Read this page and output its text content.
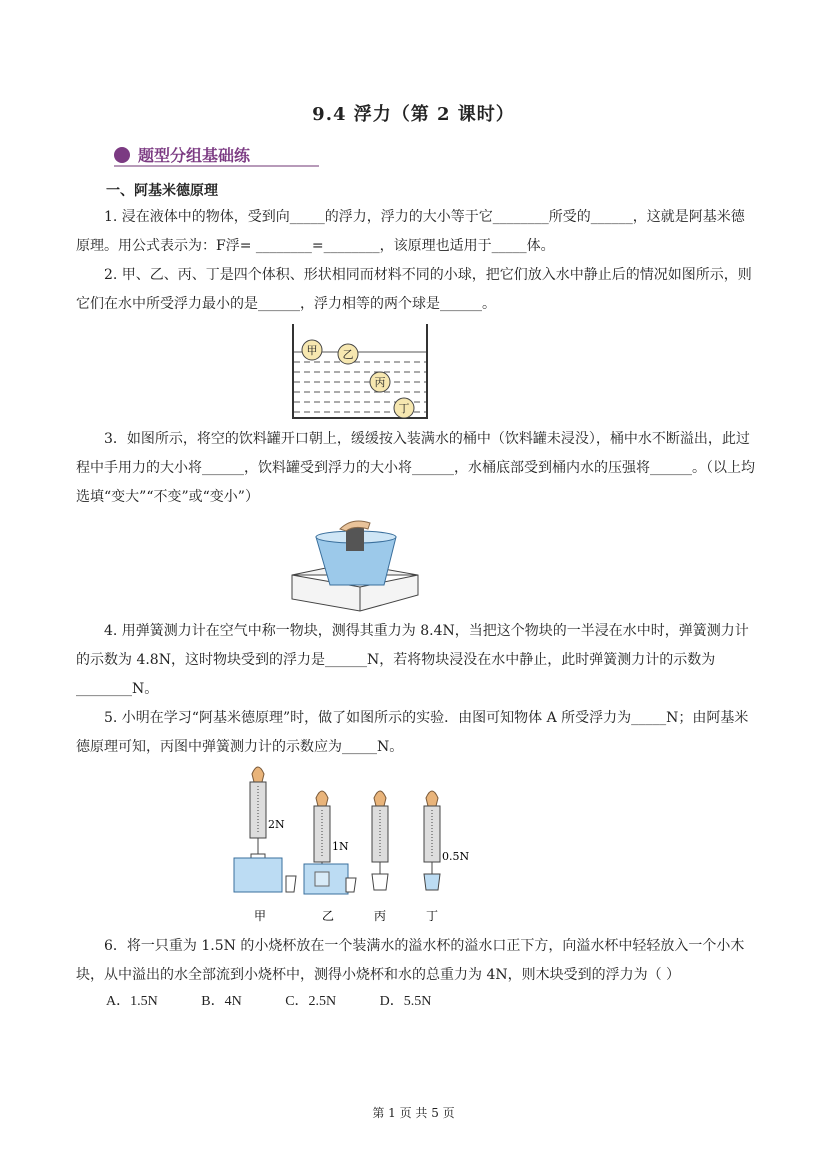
9.4 浮力（第 2 课时）
题型分组基础练
一、阿基米德原理
1. 浸在液体中的物体，受到向_____的浮力，浮力的大小等于它________所受的______，这就是阿基米德原理。用公式表示为：F浮= ________=________，该原理也适用于_____体。
2. 甲、乙、丙、丁是四个体积、形状相同而材料不同的小球，把它们放入水中静止后的情况如图所示，则它们在水中所受浮力最小的是______，浮力相等的两个球是______。
甲 乙
丙
丁
3．如图所示，将空的饮料罐开口朝上，缓缓按入装满水的桶中（饮料罐未浸没），桶中水不断溢出，此过程中手用力的大小将______，饮料罐受到浮力的大小将______，水桶底部受到桶内水的压强将______。（以上均选填“变大”“不变”或“变小”）
4. 用弹簧测力计在空气中称一物块，测得其重力为 8.4N，当把这个物块的一半浸在水中时，弹簧测力计的示数为 4.8N，这时物块受到的浮力是______N，若将物块浸没在水中静止，此时弹簧测力计的示数为________N。
5. 小明在学习“阿基米德原理”时，做了如图所示的实验．由图可知物体 A 所受浮力为_____N；由阿基米德原理可知，丙图中弹簧测力计的示数应为_____N。
2N
1N
0.5N
甲	乙	丙	丁
6．将一只重为 1.5N 的小烧杯放在一个装满水的溢水杯的溢水口正下方，向溢水杯中轻轻放入一个小木块，从中溢出的水全部流到小烧杯中，测得小烧杯和水的总重力为 4N，则木块受到的浮力为（ ）
A．1.5N	B．4N	C．2.5N	D．5.5N
第 1 页 共 5 页
